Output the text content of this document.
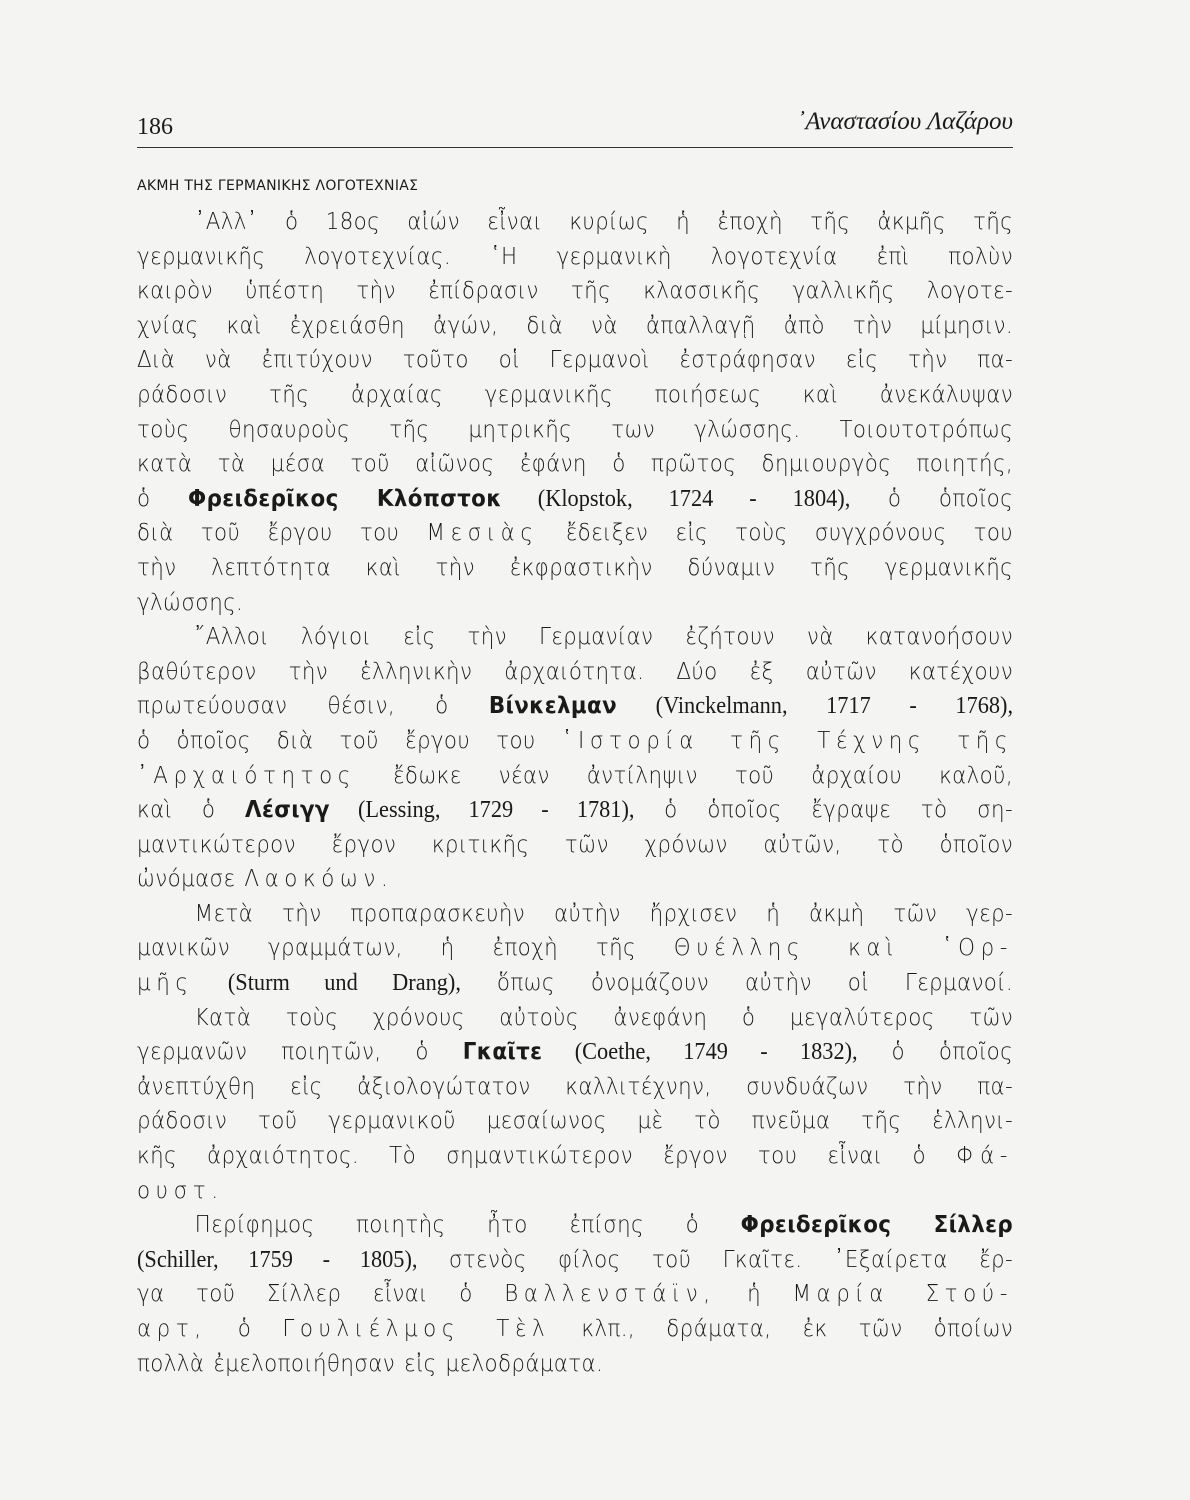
186	᾿Αναστασίου Λαζάρου
ΑΚΜΗ ΤΗΣ ΓΕΡΜΑΝΙΚΗΣ ΛΟΓΟΤΕΧΝΙΑΣ
᾿Αλλ᾿ ὁ 18ος αἰών εἶναι κυρίως ἡ ἐποχὴ τῆς ἀκμῆς τῆς
γερμανικῆς λογοτεχνίας. ῾Η γερμανικὴ λογοτεχνία ἐπὶ πολὺν
καιρὸν ὑπέστη τὴν ἐπίδρασιν τῆς κλασσικῆς γαλλικῆς λογοτε-
χνίας καὶ ἐχρειάσθη ἀγών, διὰ νὰ ἀπαλλαγῇ ἀπὸ τὴν μίμησιν.
Διὰ νὰ ἐπιτύχουν τοῦτο οἱ Γερμανοὶ ἐστράφησαν εἰς τὴν πα-
ράδοσιν τῆς ἀρχαίας γερμανικῆς ποιήσεως καὶ ἀνεκάλυψαν
τοὺς θησαυροὺς τῆς μητρικῆς των γλώσσης. Τοιουτοτρόπως
κατὰ τὰ μέσα τοῦ αἰῶνος ἐφάνη ὁ πρῶτος δημιουργὸς ποιητής,
ὁ Φρειδερῖκος Κλόπστοκ (Klopstok, 1724 - 1804), ὁ ὁποῖος
διὰ τοῦ ἔργου του Μεσιὰς ἔδειξεν εἰς τοὺς συγχρόνους του
τὴν λεπτότητα καὶ τὴν ἐκφραστικὴν δύναμιν τῆς γερμανικῆς
γλώσσης.
῎Αλλοι λόγιοι εἰς τὴν Γερμανίαν ἐζήτουν νὰ κατανοήσουν
βαθύτερον τὴν ἑλληνικὴν ἀρχαιότητα. Δύο ἐξ αὐτῶν κατέχουν
πρωτεύουσαν θέσιν, ὁ Βίνκελμαν (Vinckelmann, 1717 - 1768),
ὁ ὁποῖος διὰ τοῦ ἔργου του ῾Ιστορία τῆς Τέχνης τῆς
᾿Αρχαιότητος ἔδωκε νέαν ἀντίληψιν τοῦ ἀρχαίου καλοῦ,
καὶ ὁ Λέσιγγ (Lessing, 1729 - 1781), ὁ ὁποῖος ἔγραψε τὸ ση-
μαντικώτερον ἔργον κριτικῆς τῶν χρόνων αὐτῶν, τὸ ὁποῖον
ὠνόμασε Λαοκόων.
Μετὰ τὴν προπαρασκευὴν αὐτὴν ἤρχισεν ἡ ἀκμὴ τῶν γερ-
μανικῶν γραμμάτων, ἡ ἐποχὴ τῆς Θυέλλης καὶ ῾Ορ-
μῆς (Sturm und Drang), ὅπως ὀνομάζουν αὐτὴν οἱ Γερμανοί.
Κατὰ τοὺς χρόνους αὐτοὺς ἀνεφάνη ὁ μεγαλύτερος τῶν
γερμανῶν ποιητῶν, ὁ Γκαῖτε (Coethe, 1749 - 1832), ὁ ὁποῖος
ἀνεπτύχθη εἰς ἀξιολογώτατον καλλιτέχνην, συνδυάζων τὴν πα-
ράδοσιν τοῦ γερμανικοῦ μεσαίωνος μὲ τὸ πνεῦμα τῆς ἑλληνι-
κῆς ἀρχαιότητος. Τὸ σημαντικώτερον ἔργον του εἶναι ὁ Φά-
ουστ.
Περίφημος ποιητὴς ἦτο ἐπίσης ὁ Φρειδερῖκος Σίλλερ
(Schiller, 1759 - 1805), στενὸς φίλος τοῦ Γκαῖτε. ᾿Εξαίρετα ἔρ-
γα τοῦ Σίλλερ εἶναι ὁ Βαλλενστάϊν, ἡ Μαρία Στού-
αρτ, ὁ Γουλιέλμος Τὲλ κλπ., δράματα, ἐκ τῶν ὁποίων
πολλὰ ἐμελοποιήθησαν εἰς μελοδράματα.
